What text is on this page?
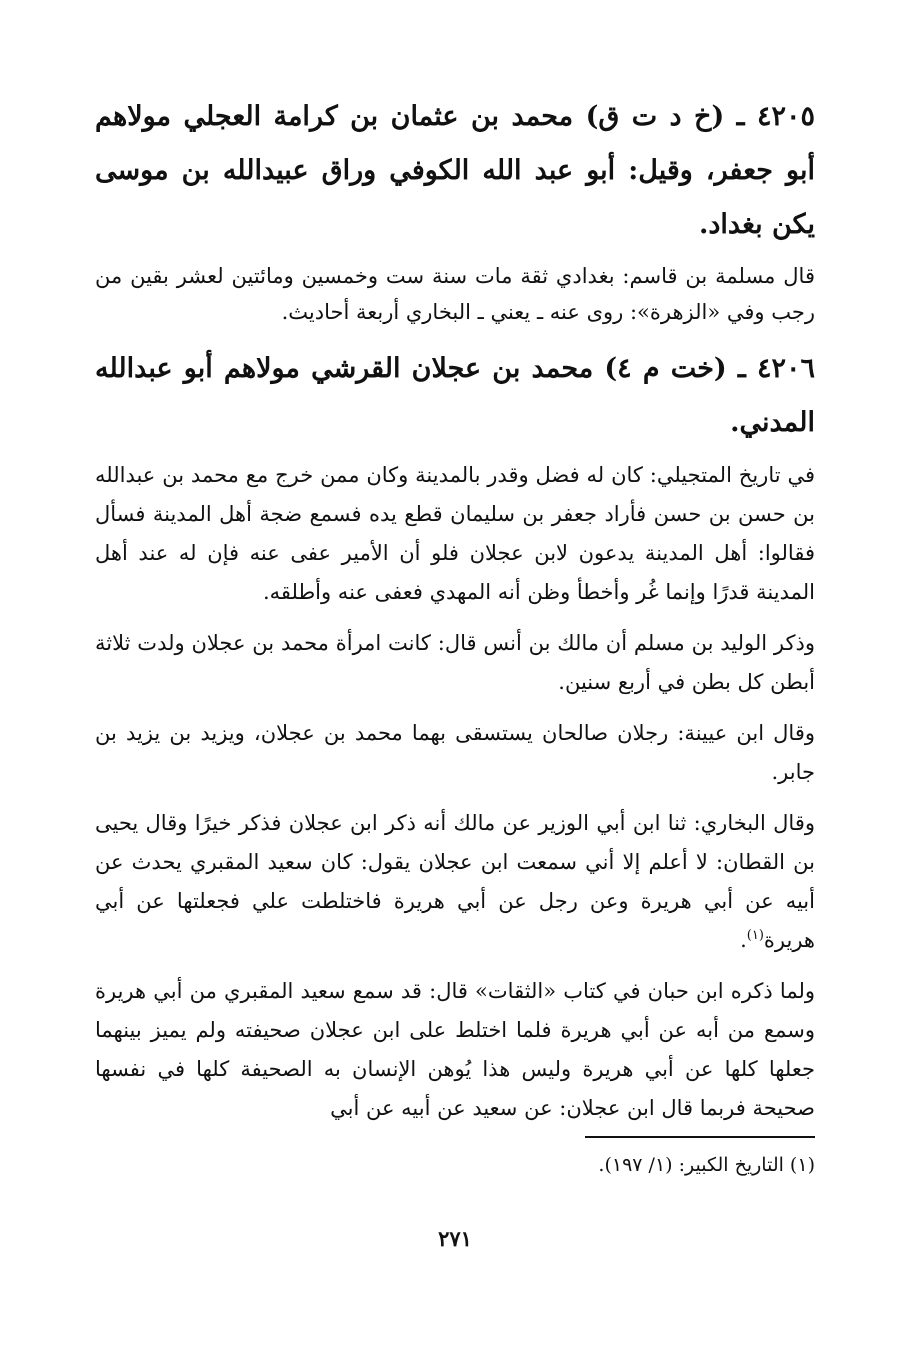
٤٢٠٥ ـ (خ د ت ق) محمد بن عثمان بن كرامة العجلي مولاهم أبو جعفر، وقيل: أبو عبد الله الكوفي وراق عبيدالله بن موسى يكن بغداد.
قال مسلمة بن قاسم: بغدادي ثقة مات سنة ست وخمسين ومائتين لعشر بقين من رجب وفي «الزهرة»: روى عنه ـ يعني ـ البخاري أربعة أحاديث.
٤٢٠٦ ـ (خت م ٤) محمد بن عجلان القرشي مولاهم أبو عبدالله المدني.
في تاريخ المتجيلي: كان له فضل وقدر بالمدينة وكان ممن خرج مع محمد بن عبدالله بن حسن بن حسن فأراد جعفر بن سليمان قطع يده فسمع ضجة أهل المدينة فسأل فقالوا: أهل المدينة يدعون لابن عجلان فلو أن الأمير عفى عنه فإن له عند أهل المدينة قدرًا وإنما غُر وأخطأ وظن أنه المهدي فعفى عنه وأطلقه.
وذكر الوليد بن مسلم أن مالك بن أنس قال: كانت امرأة محمد بن عجلان ولدت ثلاثة أبطن كل بطن في أربع سنين.
وقال ابن عيينة: رجلان صالحان يستسقى بهما محمد بن عجلان، ويزيد بن يزيد بن جابر.
وقال البخاري: ثنا ابن أبي الوزير عن مالك أنه ذكر ابن عجلان فذكر خيرًا وقال يحيى بن القطان: لا أعلم إلا أني سمعت ابن عجلان يقول: كان سعيد المقبري يحدث عن أبيه عن أبي هريرة وعن رجل عن أبي هريرة فاختلطت علي فجعلتها عن أبي هريرة$^{(١)}$.
ولما ذكره ابن حبان في كتاب «الثقات» قال: قد سمع سعيد المقبري من أبي هريرة وسمع من أبه عن أبي هريرة فلما اختلط على ابن عجلان صحيفته ولم يميز بينهما جعلها كلها عن أبي هريرة وليس هذا يُوهن الإنسان به الصحيفة كلها في نفسها صحيحة فربما قال ابن عجلان: عن سعيد عن أبيه عن أبي
(١) التاريخ الكبير: (١/ ١٩٧).
٢٧١
